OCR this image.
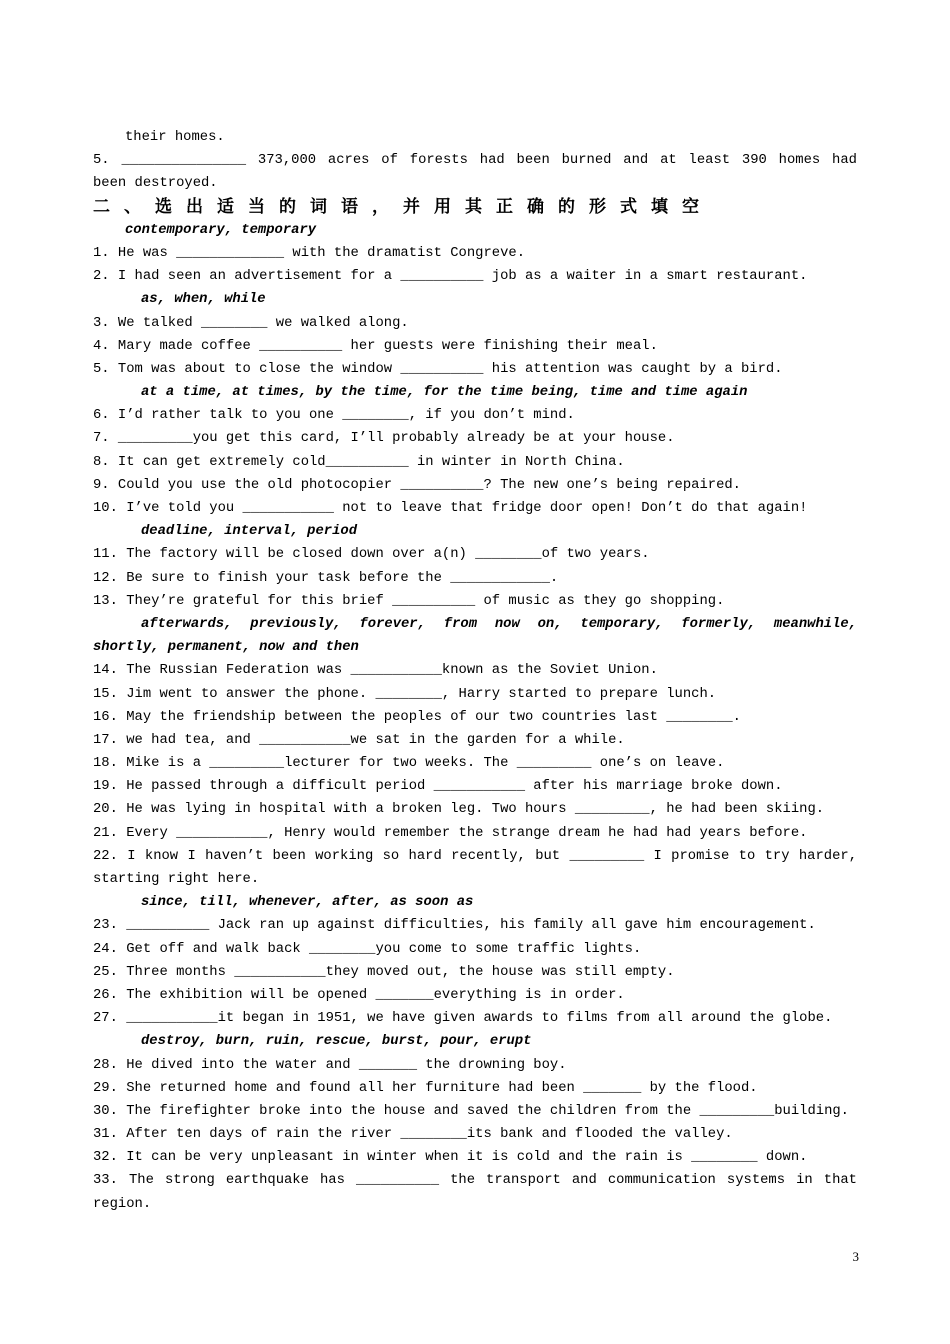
their homes.
5. _______________ 373,000 acres of forests had been burned and at least 390 homes had
been destroyed.
二、选出适当的词语，并用其正确的形式填空
contemporary, temporary
1. He was _____________ with the dramatist Congreve.
2. I had seen an advertisement for a __________ job as a waiter in a smart restaurant.
as, when, while
3. We talked ________ we walked along.
4. Mary made coffee __________ her guests were finishing their meal.
5. Tom was about to close the window __________ his attention was caught by a bird.
at a time, at times, by the time, for the time being, time and time again
6. I’d rather talk to you one ________, if you don’t mind.
7. _________you get this card, I’ll probably already be at your house.
8. It can get extremely cold__________ in winter in North China.
9. Could you use the old photocopier __________? The new one’s being repaired.
10. I’ve told you ___________ not to leave that fridge door open! Don’t do that again!
deadline, interval, period
11. The factory will be closed down over a(n) ________of two years.
12. Be sure to finish your task before the ____________.
13. They’re grateful for this brief __________ of music as they go shopping.
afterwards, previously, forever, from now on, temporary, formerly, meanwhile,
shortly, permanent, now and then
14. The Russian Federation was ___________known as the Soviet Union.
15. Jim went to answer the phone. ________, Harry started to prepare lunch.
16. May the friendship between the peoples of our two countries last ________.
17. we had tea, and ___________we sat in the garden for a while.
18. Mike is a _________lecturer for two weeks. The _________ one’s on leave.
19. He passed through a difficult period ___________ after his marriage broke down.
20. He was lying in hospital with a broken leg. Two hours _________, he had been skiing.
21. Every ___________, Henry would remember the strange dream he had had years before.
22. I know I haven’t been working so hard recently, but _________ I promise to try harder,
starting right here.
since, till, whenever, after, as soon as
23. __________ Jack ran up against difficulties, his family all gave him encouragement.
24. Get off and walk back ________you come to some traffic lights.
25. Three months ___________they moved out, the house was still empty.
26. The exhibition will be opened _______everything is in order.
27. ___________it began in 1951, we have given awards to films from all around the globe.
destroy, burn, ruin, rescue, burst, pour, erupt
28. He dived into the water and _______ the drowning boy.
29. She returned home and found all her furniture had been _______ by the flood.
30. The firefighter broke into the house and saved the children from the _________building.
31. After ten days of rain the river ________its bank and flooded the valley.
32. It can be very unpleasant in winter when it is cold and the rain is ________ down.
33. The strong earthquake has __________ the transport and communication systems in that
region.
3
